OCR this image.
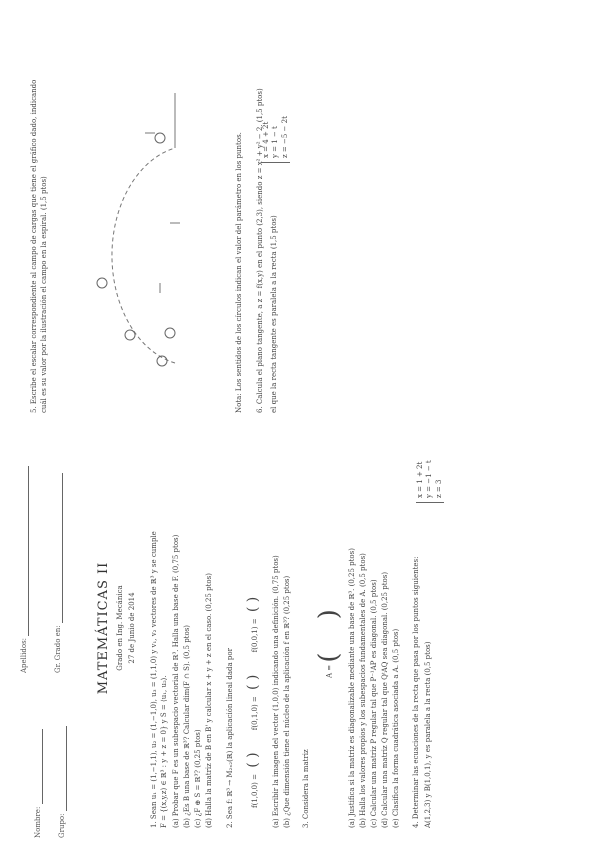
Nombre:
Apellidos:
Grupo:
Gr. Grado en:	MATEMÁTICAS II Grado en Ing. Mecánica 27 de Junio de 2014 1. Sean u₁ = (1,−1,1), u₂ = (1,−1,0), u₃ = (1,1,0) y v₁, v₂ vectores de ℝ³ y se cumple F = {(x,y,z) ∈ ℝ³ : y + z = 0} y S = ⟨u₁, u₂⟩. (a) Probar que F es un subespacio vectorial de ℝ³. Halla una base de F. (0,75 ptos) (b) ¿Es B una base de ℝ³? Calcular dim(F ∩ S). (0,5 ptos) (c) ¿F ⊕ S = ℝ³? (0,25 ptos) (d) Halla la matriz de B en B' y calcular x + y + z en el caso. (0,25 ptos) 2. Sea f: ℝ³ → M₂ₓ₂(ℝ) la aplicación lineal dada por	f(1,0,0) = ( ) f(0,1,0) = ( ) f(0,0,1) = ( ) (a) Escribir la imagen del vector (1,0,0) indicando una definición. (0,75 ptos) (b) ¿Que dimensión tiene el núcleo de la aplicación f en ℝ³? (0,25 ptos) 3. Considera la matriz
A = (    ) (a) Justifica si la matriz es diagonalizable mediante una base de ℝ³. (0,25 ptos) (b) Halla los valores propios y los subespacios fundamentales de A. (0,5 ptos) (c) Calcular una matriz P regular tal que P⁻¹AP es diagonal. (0,5 ptos) (d) Calcular una matriz Q regular tal que QᵗAQ sea diagonal. (0,25 ptos) (e) Clasifica la forma cuadrática asociada a A. (0,5 ptos) 4. Determinar las ecuaciones de la recta que pasa por los puntos siguientes: A(1,2,3) y B(1,0,1), y es paralela a la recta (0,5 ptos)
x = 1 + 2t y = −1 − t z = 3
5. Escribe el escalar correspondiente al campo de cargas que tiene el gráfico dado, indicando cuál es su valor por la ilustración el campo en la espiral. (1,5 ptos)	Nota: Los sentidos de los círculos indican el valor del parámetro en los puntos. 6. Calcula el plano tangente, a z = f(x,y) en el punto (2,3), siendo z = x² + y² − 2. (1,5 ptos) el que la recta tangente es paralela a la recta (1,5 ptos)
x = 4 + 2t y = 1 − t z = −5 − 2t
